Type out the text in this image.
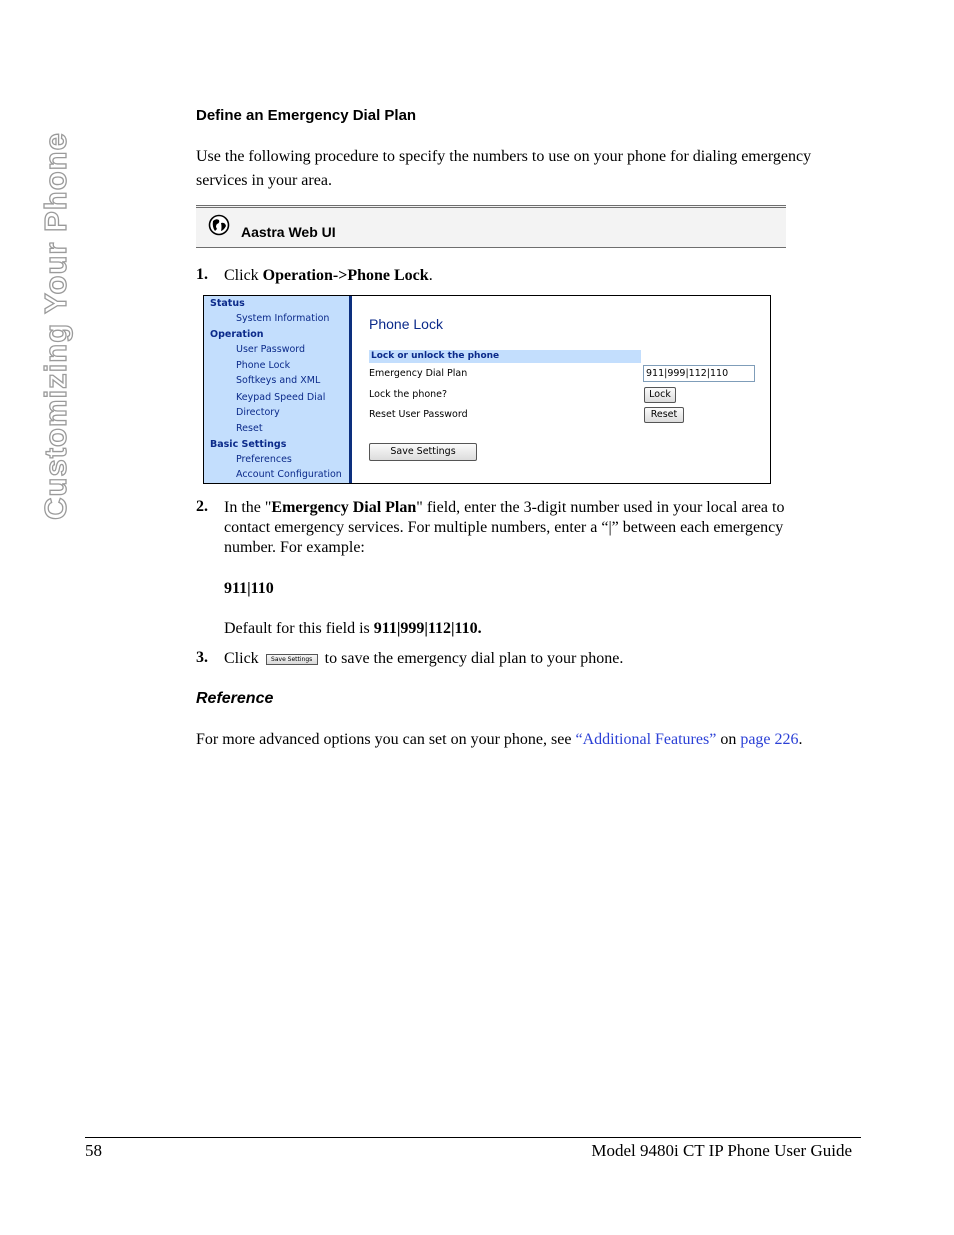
Customizing Your Phone
Define an Emergency Dial Plan
Use the following procedure to specify the numbers to use on your phone for dialing emergency services in your area.
Aastra Web UI
1. Click Operation->Phone Lock.
Status
System Information
Operation
User Password
Phone Lock
Softkeys and XML
Keypad Speed Dial
Directory
Reset
Basic Settings
Preferences
Account Configuration
Phone Lock
Lock or unlock the phone
Emergency Dial Plan	911|999|112|110
Lock the phone?	Lock
Reset User Password	Reset
Save Settings
2. In the "Emergency Dial Plan" field, enter the 3-digit number used in your local area to contact emergency services. For multiple numbers, enter a “|” between each emergency number. For example:
911|110
Default for this field is 911|999|112|110.
3. Click Save Settings to save the emergency dial plan to your phone.
Reference
For more advanced options you can set on your phone, see “Additional Features” on page 226.
58	Model 9480i CT IP Phone User Guide
